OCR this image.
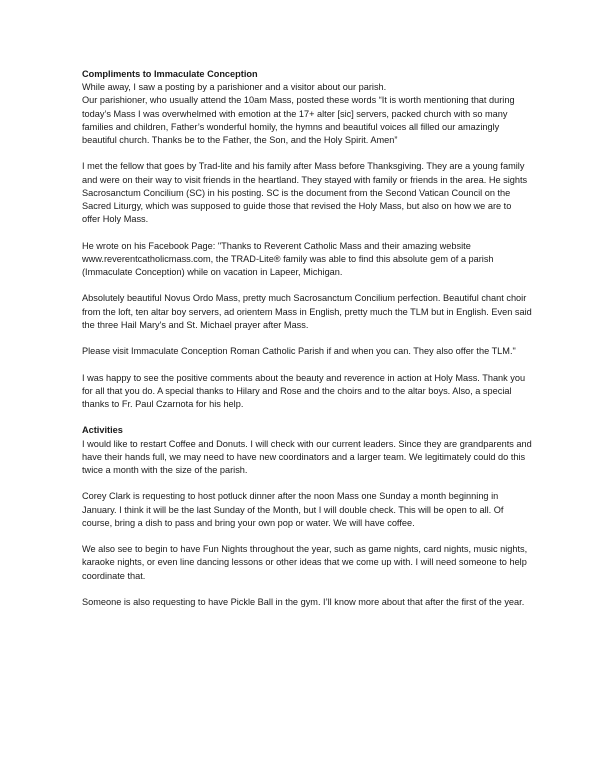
Compliments to Immaculate Conception

While away, I saw a posting by a parishioner and a visitor about our parish.

Our parishioner, who usually attend the 10am Mass, posted these words “It is worth mentioning that during today’s Mass I was overwhelmed with emotion at the 17+ alter [sic] servers, packed church with so many families and children, Father’s wonderful homily, the hymns and beautiful voices all filled our amazingly beautiful church. Thanks be to the Father, the Son, and the Holy Spirit. Amen”

I met the fellow that goes by Trad-lite and his family after Mass before Thanksgiving. They are a young family and were on their way to visit friends in the heartland. They stayed with family or friends in the area. He sights Sacrosanctum Concilium (SC) in his posting. SC is the document from the Second Vatican Council on the Sacred Liturgy, which was supposed to guide those that revised the Holy Mass, but also on how we are to offer Holy Mass.

He wrote on his Facebook Page: "Thanks to Reverent Catholic Mass and their amazing website www.reverentcatholicmass.com, the TRAD-Lite® family was able to find this absolute gem of a parish (Immaculate Conception) while on vacation in Lapeer, Michigan.

Absolutely beautiful Novus Ordo Mass, pretty much Sacrosanctum Concilium perfection. Beautiful chant choir from the loft, ten altar boy servers, ad orientem Mass in English, pretty much the TLM but in English. Even said the three Hail Mary's and St. Michael prayer after Mass.

Please visit Immaculate Conception Roman Catholic Parish if and when you can. They also offer the TLM."

I was happy to see the positive comments about the beauty and reverence in action at Holy Mass. Thank you for all that you do. A special thanks to Hilary and Rose and the choirs and to the altar boys. Also, a special thanks to Fr. Paul Czarnota for his help.

Activities

I would like to restart Coffee and Donuts. I will check with our current leaders. Since they are grandparents and have their hands full, we may need to have new coordinators and a larger team. We legitimately could do this twice a month with the size of the parish.

Corey Clark is requesting to host potluck dinner after the noon Mass one Sunday a month beginning in January. I think it will be the last Sunday of the Month, but I will double check. This will be open to all. Of course, bring a dish to pass and bring your own pop or water. We will have coffee.

We also see to begin to have Fun Nights throughout the year, such as game nights, card nights, music nights, karaoke nights, or even line dancing lessons or other ideas that we come up with. I will need someone to help coordinate that.

Someone is also requesting to have Pickle Ball in the gym. I’ll know more about that after the first of the year.
